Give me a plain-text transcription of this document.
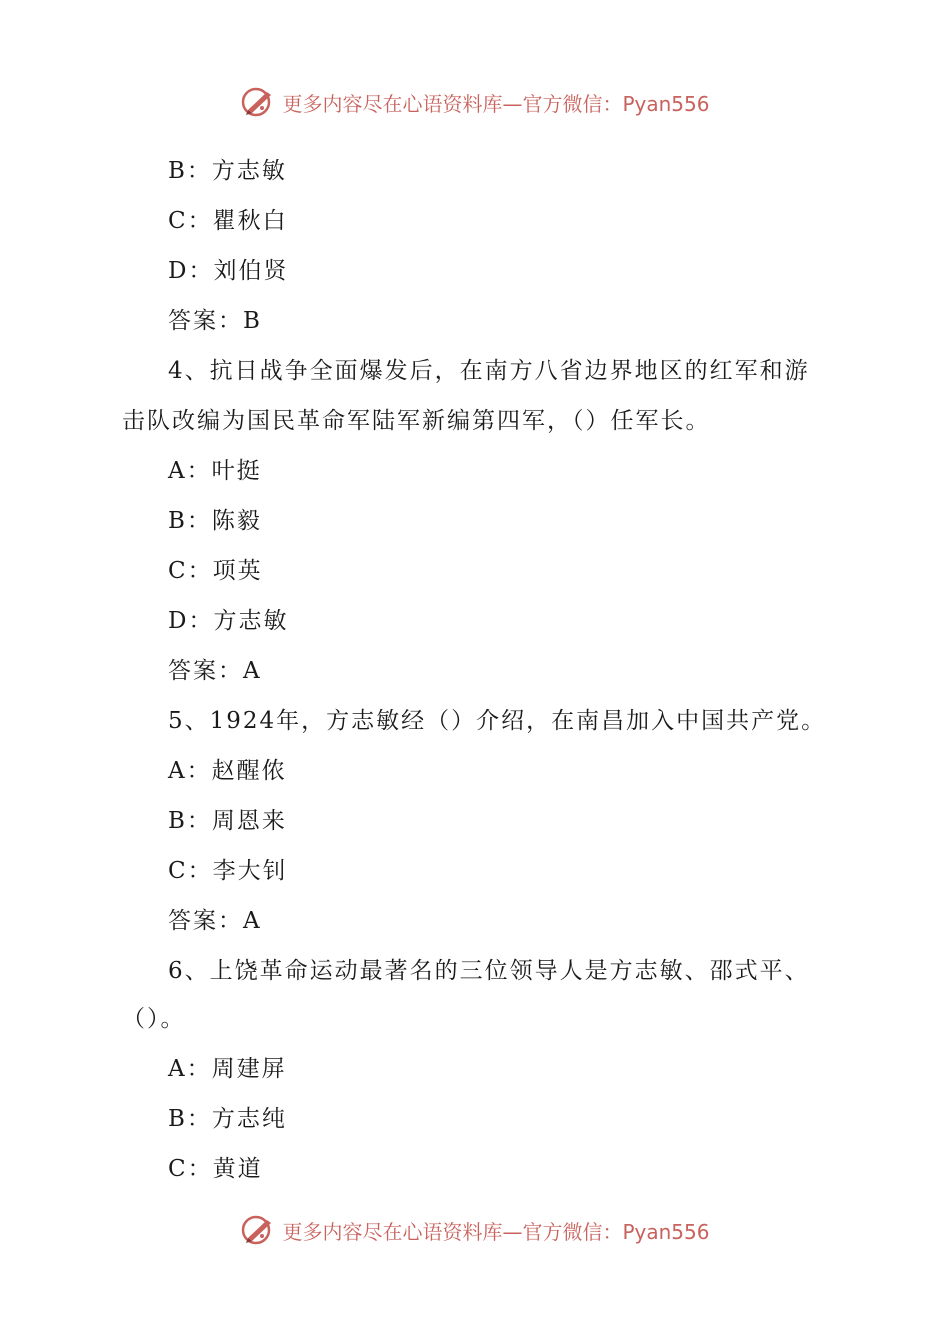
更多内容尽在心语资料库—官方微信：Pyan556
B：方志敏
C：瞿秋白
D：刘伯贤
答案：B
4、抗日战争全面爆发后，在南方八省边界地区的红军和游
击队改编为国民革命军陆军新编第四军，（）任军长。
A：叶挺
B：陈毅
C：项英
D：方志敏
答案：A
5、1924年，方志敏经（）介绍，在南昌加入中国共产党。
A：赵醒侬
B：周恩来
C：李大钊
答案：A
6、上饶革命运动最著名的三位领导人是方志敏、邵式平、
（）。
A：周建屏
B：方志纯
C：黄道
更多内容尽在心语资料库—官方微信：Pyan556
